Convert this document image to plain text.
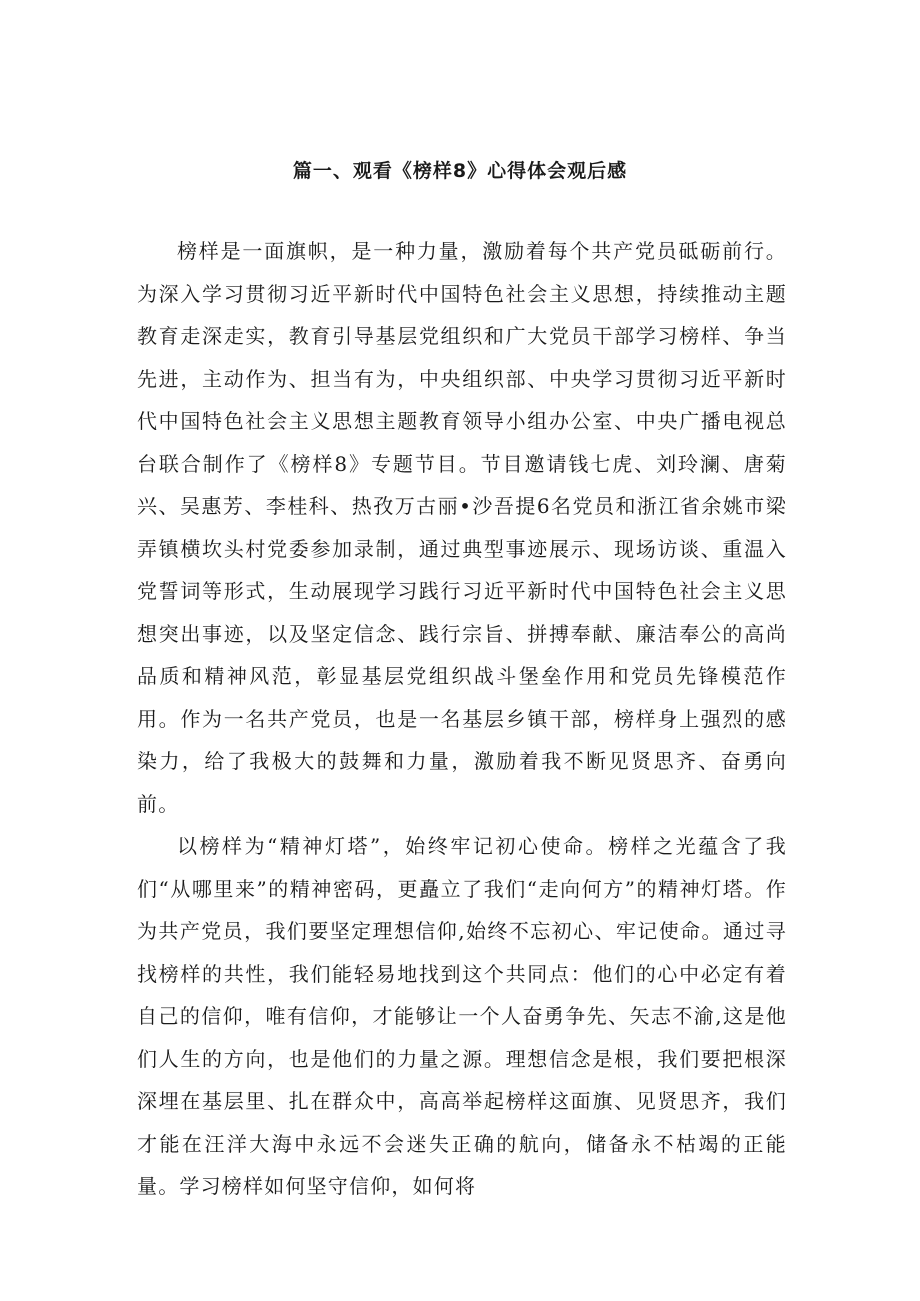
篇一、观看《榜样8》心得体会观后感

榜样是一面旗帜，是一种力量，激励着每个共产党员砥砺前行。为深入学习贯彻习近平新时代中国特色社会主义思想，持续推动主题教育走深走实，教育引导基层党组织和广大党员干部学习榜样、争当先进，主动作为、担当有为，中央组织部、中央学习贯彻习近平新时代中国特色社会主义思想主题教育领导小组办公室、中央广播电视总台联合制作了《榜样8》专题节目。节目邀请钱七虎、刘玲澜、唐菊兴、吴惠芳、李桂科、热孜万古丽•沙吾提6名党员和浙江省余姚市梁弄镇横坎头村党委参加录制，通过典型事迹展示、现场访谈、重温入党誓词等形式，生动展现学习践行习近平新时代中国特色社会主义思想突出事迹，以及坚定信念、践行宗旨、拼搏奉献、廉洁奉公的高尚品质和精神风范，彰显基层党组织战斗堡垒作用和党员先锋模范作用。作为一名共产党员，也是一名基层乡镇干部，榜样身上强烈的感染力，给了我极大的鼓舞和力量，激励着我不断见贤思齐、奋勇向前。

以榜样为“精神灯塔”，始终牢记初心使命。榜样之光蕴含了我们“从哪里来”的精神密码，更矗立了我们“走向何方”的精神灯塔。作为共产党员，我们要坚定理想信仰,始终不忘初心、牢记使命。通过寻找榜样的共性，我们能轻易地找到这个共同点：他们的心中必定有着自己的信仰，唯有信仰，才能够让一个人奋勇争先、矢志不渝,这是他们人生的方向，也是他们的力量之源。理想信念是根，我们要把根深深埋在基层里、扎在群众中，高高举起榜样这面旗、见贤思齐，我们才能在汪洋大海中永远不会迷失正确的航向，储备永不枯竭的正能量。学习榜样如何坚守信仰，如何将
